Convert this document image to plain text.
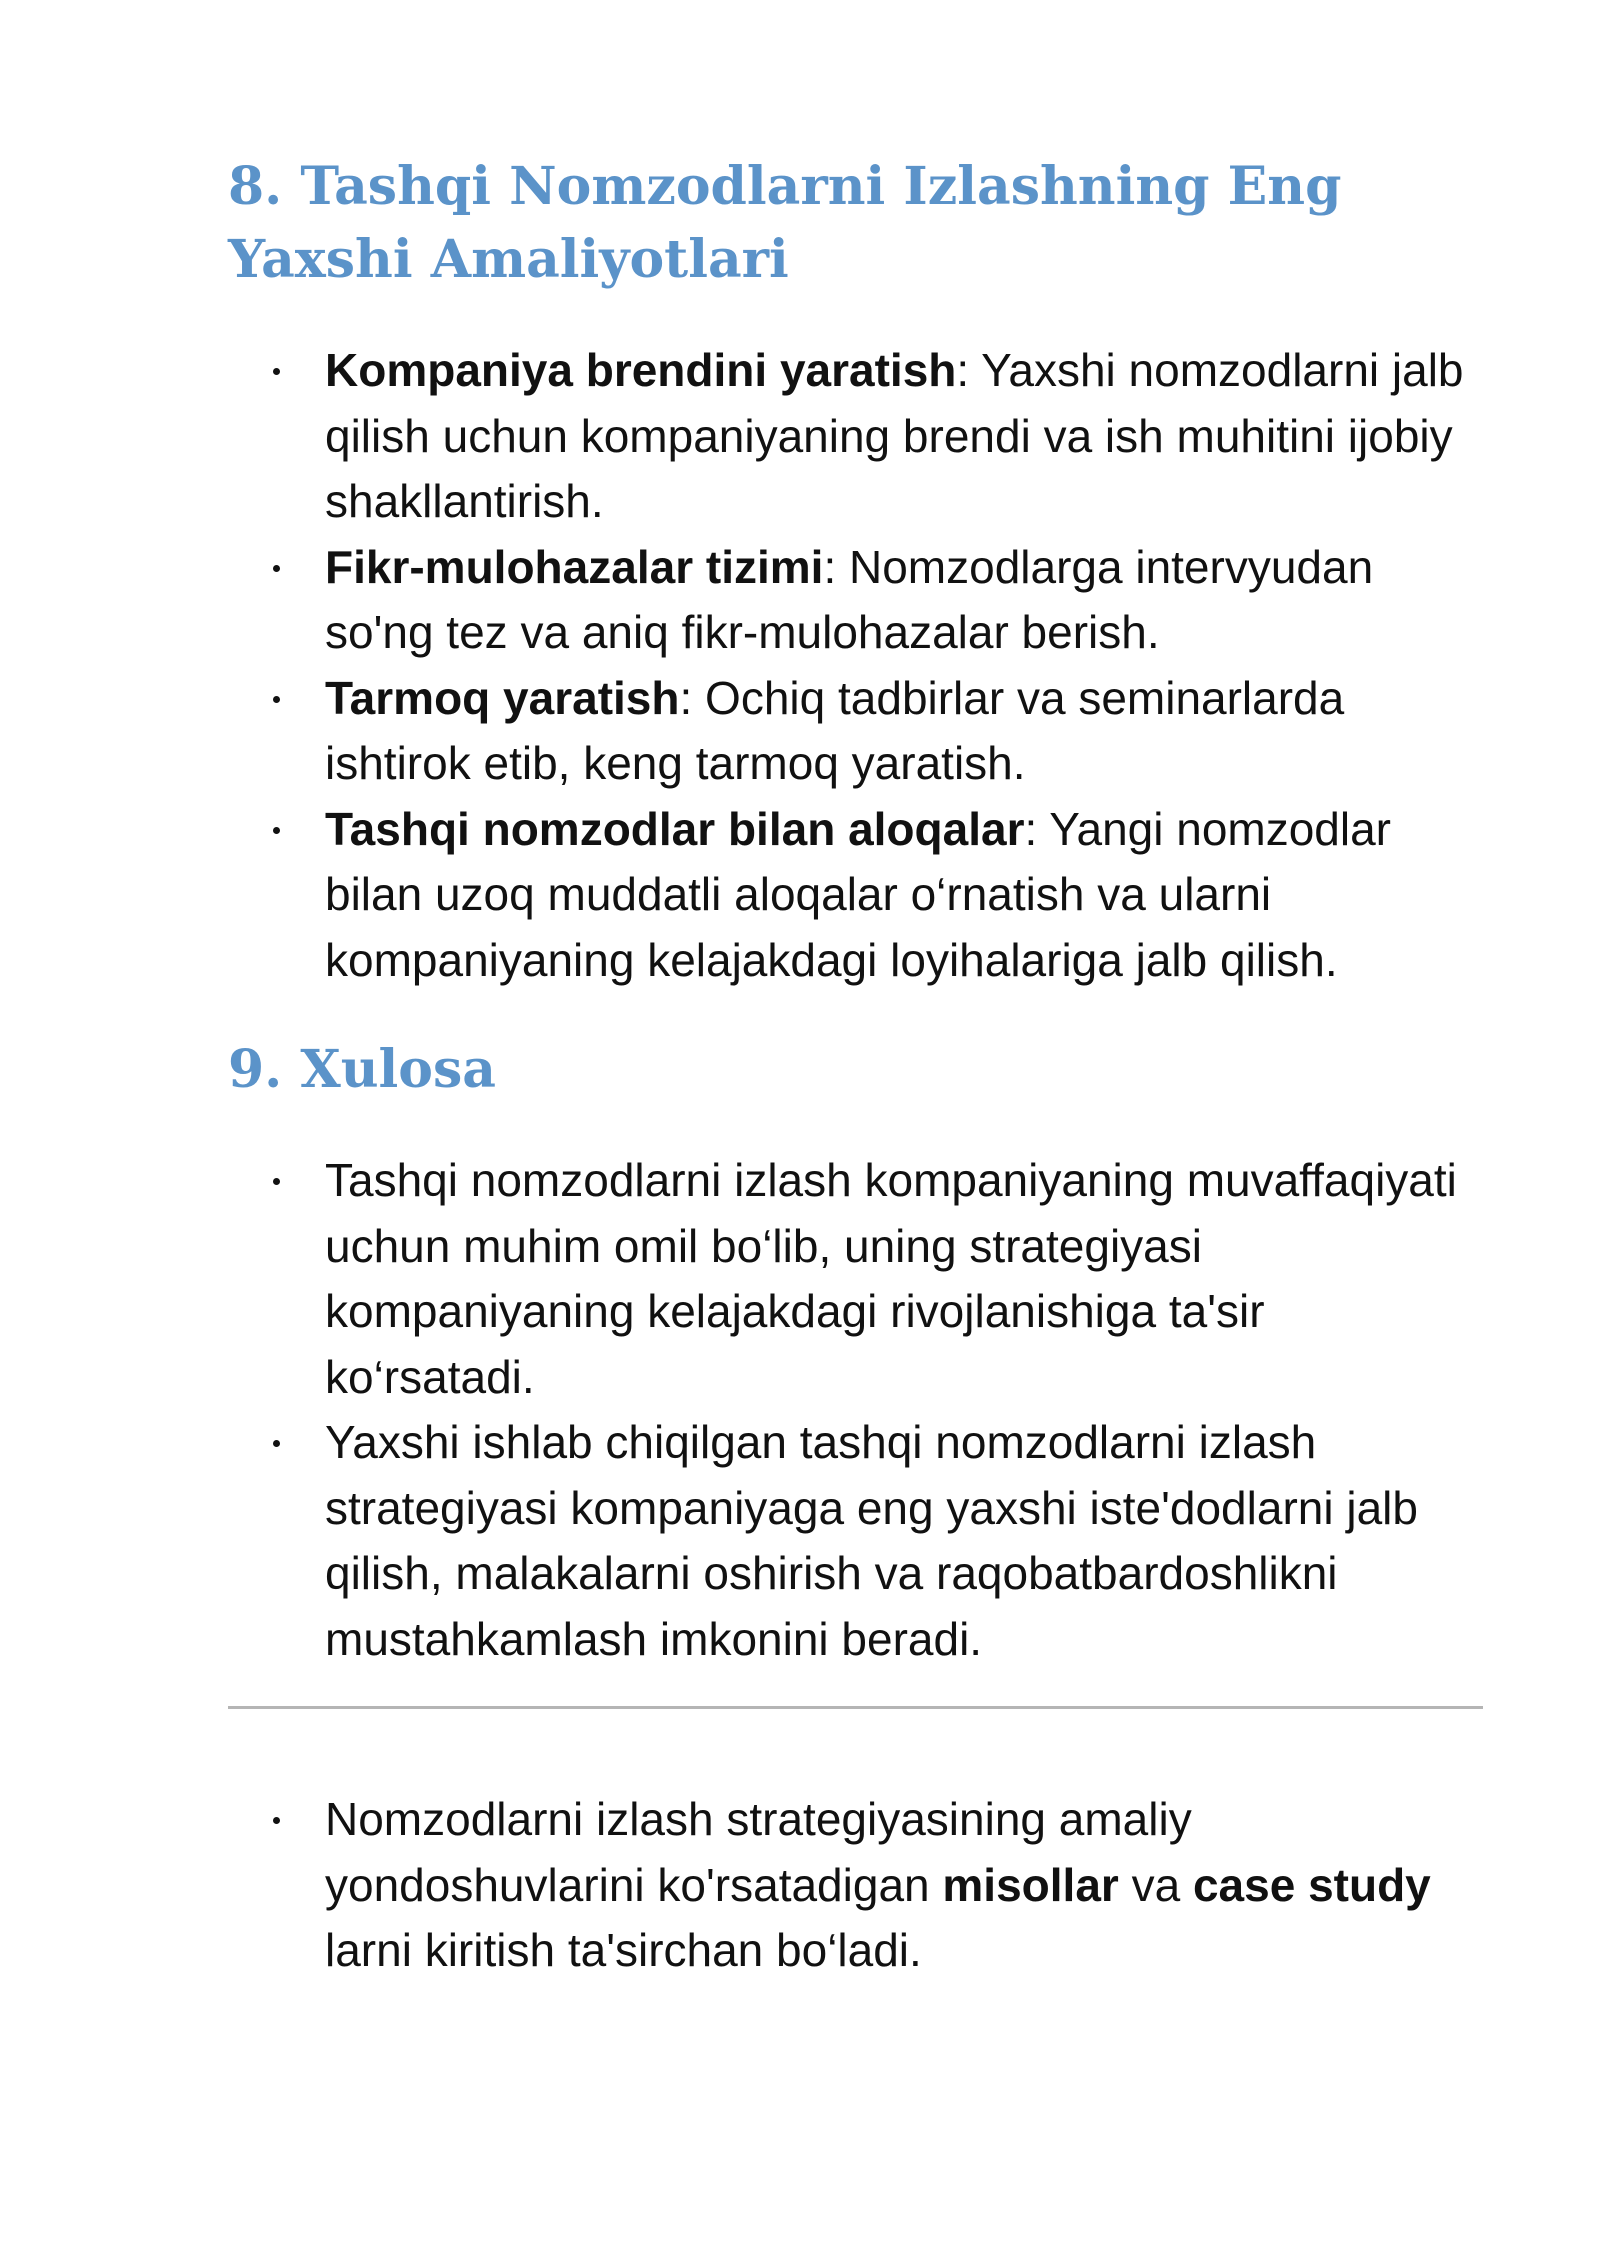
8. Tashqi Nomzodlarni Izlashning Eng Yaxshi Amaliyotlari
Kompaniya brendini yaratish: Yaxshi nomzodlarni jalb qilish uchun kompaniyaning brendi va ish muhitini ijobiy shakllantirish.
Fikr-mulohazalar tizimi: Nomzodlarga intervyudan so'ng tez va aniq fikr-mulohazalar berish.
Tarmoq yaratish: Ochiq tadbirlar va seminarlarda ishtirok etib, keng tarmoq yaratish.
Tashqi nomzodlar bilan aloqalar: Yangi nomzodlar bilan uzoq muddatli aloqalar o‘rnatish va ularni kompaniyaning kelajakdagi loyihalariga jalb qilish.
9. Xulosa
Tashqi nomzodlarni izlash kompaniyaning muvaffaqiyati uchun muhim omil bo‘lib, uning strategiyasi kompaniyaning kelajakdagi rivojlanishiga ta'sir ko‘rsatadi.
Yaxshi ishlab chiqilgan tashqi nomzodlarni izlash strategiyasi kompaniyaga eng yaxshi iste'dodlarni jalb qilish, malakalarni oshirish va raqobatbardoshlikni mustahkamlash imkonini beradi.
Nomzodlarni izlash strategiyasining amaliy yondoshuvlarini ko'rsatadigan misollar va case study larni kiritish ta'sirchan bo‘ladi.
